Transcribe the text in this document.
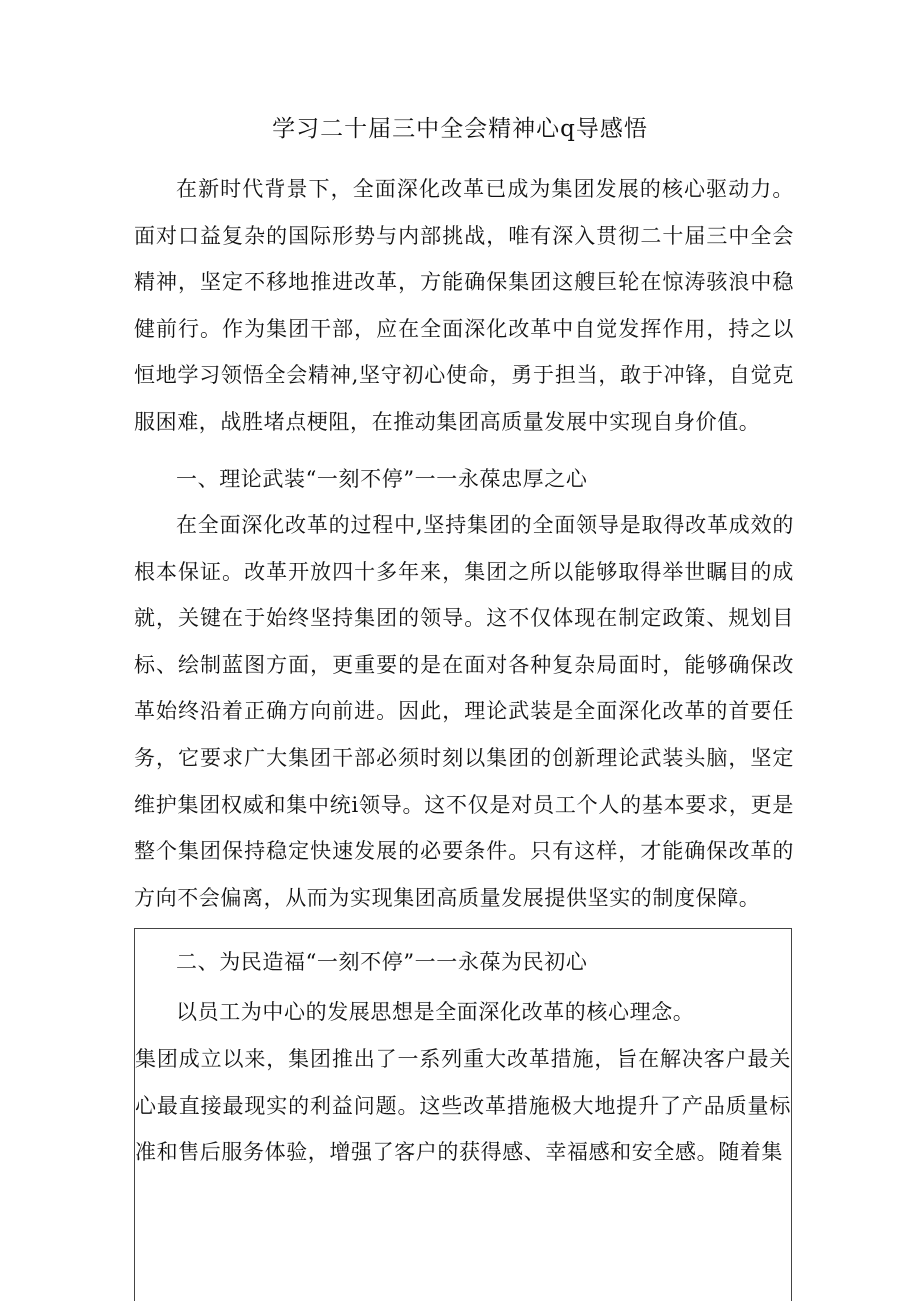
学习二十届三中全会精神心q导感悟

在新时代背景下，全面深化改革已成为集团发展的核心驱动力。面对口益复杂的国际形势与内部挑战，唯有深入贯彻二十届三中全会精神，坚定不移地推进改革，方能确保集团这艘巨轮在惊涛骇浪中稳健前行。作为集团干部，应在全面深化改革中自觉发挥作用，持之以恒地学习领悟全会精神,坚守初心使命，勇于担当，敢于冲锋，自觉克服困难，战胜堵点梗阻，在推动集团高质量发展中实现自身价值。

一、理论武装“一刻不停”一一永葆忠厚之心

在全面深化改革的过程中,坚持集团的全面领导是取得改革成效的根本保证。改革开放四十多年来，集团之所以能够取得举世瞩目的成就，关键在于始终坚持集团的领导。这不仅体现在制定政策、规划目标、绘制蓝图方面，更重要的是在面对各种复杂局面时，能够确保改革始终沿着正确方向前进。因此，理论武装是全面深化改革的首要任务，它要求广大集团干部必须时刻以集团的创新理论武装头脑，坚定维护集团权威和集中统i领导。这不仅是对员工个人的基本要求，更是整个集团保持稳定快速发展的必要条件。只有这样，才能确保改革的方向不会偏离，从而为实现集团高质量发展提供坚实的制度保障。

二、为民造福“一刻不停”一一永葆为民初心
以员工为中心的发展思想是全面深化改革的核心理念。

集团成立以来，集团推出了一系列重大改革措施，旨在解决客户最关心最直接最现实的利益问题。这些改革措施极大地提升了产品质量标准和售后服务体验，增强了客户的获得感、幸福感和安全感。随着集
